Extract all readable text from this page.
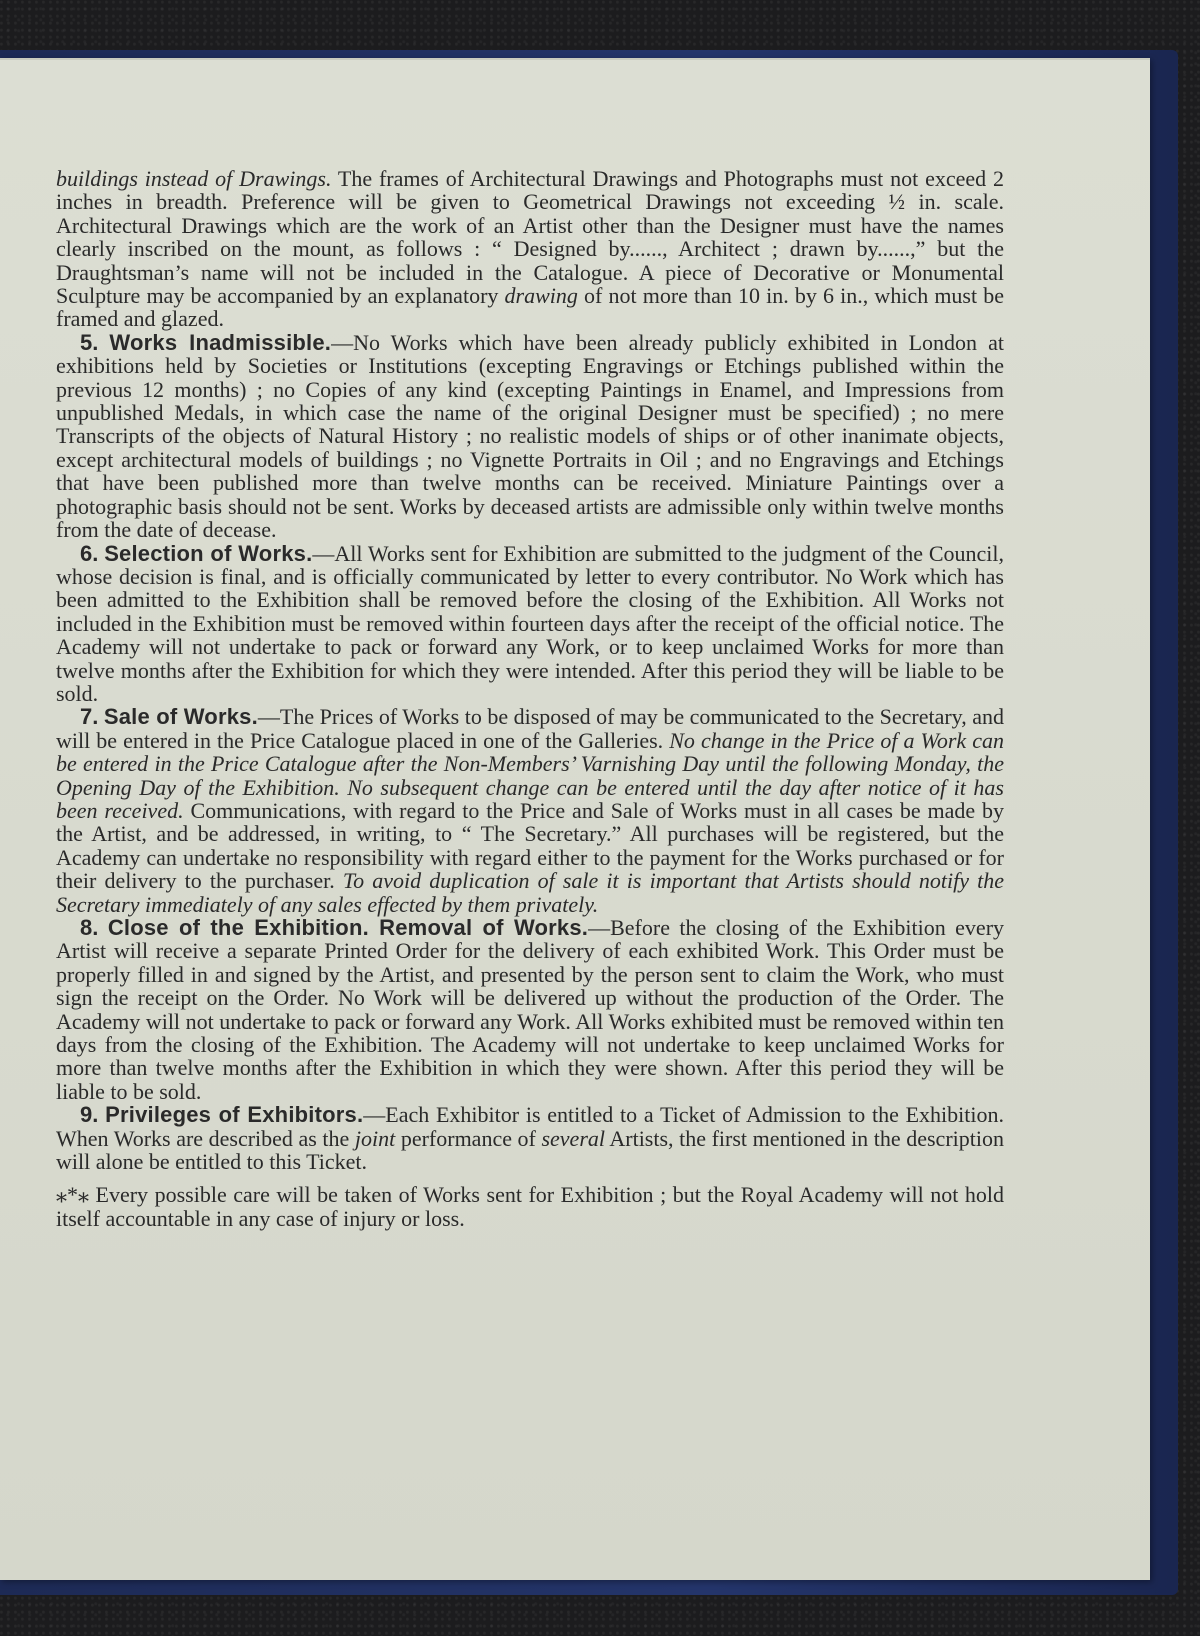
buildings instead of Drawings. The frames of Architectural Drawings and Photographs must not exceed 2 inches in breadth. Preference will be given to Geometrical Drawings not exceeding ½ in. scale. Architectural Drawings which are the work of an Artist other than the Designer must have the names clearly inscribed on the mount, as follows : “ Designed by......, Architect ; drawn by......,” but the Draughtsman’s name will not be included in the Catalogue. A piece of Decorative or Monumental Sculpture may be accompanied by an explanatory drawing of not more than 10 in. by 6 in., which must be framed and glazed.

5. Works Inadmissible.—No Works which have been already publicly exhibited in London at exhibitions held by Societies or Institutions (excepting Engravings or Etchings published within the previous 12 months) ; no Copies of any kind (excepting Paintings in Enamel, and Impressions from unpublished Medals, in which case the name of the original Designer must be specified) ; no mere Transcripts of the objects of Natural History ; no realistic models of ships or of other inanimate objects, except architectural models of buildings ; no Vignette Portraits in Oil ; and no Engravings and Etchings that have been published more than twelve months can be received. Miniature Paintings over a photographic basis should not be sent. Works by deceased artists are admissible only within twelve months from the date of decease.

6. Selection of Works.—All Works sent for Exhibition are submitted to the judgment of the Council, whose decision is final, and is officially communicated by letter to every contributor. No Work which has been admitted to the Exhibition shall be removed before the closing of the Exhibition. All Works not included in the Exhibition must be removed within fourteen days after the receipt of the official notice. The Academy will not undertake to pack or forward any Work, or to keep unclaimed Works for more than twelve months after the Exhibition for which they were intended. After this period they will be liable to be sold.

7. Sale of Works.—The Prices of Works to be disposed of may be communicated to the Secretary, and will be entered in the Price Catalogue placed in one of the Galleries. No change in the Price of a Work can be entered in the Price Catalogue after the Non-Members’ Varnishing Day until the following Monday, the Opening Day of the Exhibition. No subsequent change can be entered until the day after notice of it has been received. Communications, with regard to the Price and Sale of Works must in all cases be made by the Artist, and be addressed, in writing, to “ The Secretary.” All purchases will be registered, but the Academy can undertake no responsibility with regard either to the payment for the Works purchased or for their delivery to the purchaser. To avoid duplication of sale it is important that Artists should notify the Secretary immediately of any sales effected by them privately.

8. Close of the Exhibition. Removal of Works.—Before the closing of the Exhibition every Artist will receive a separate Printed Order for the delivery of each exhibited Work. This Order must be properly filled in and signed by the Artist, and presented by the person sent to claim the Work, who must sign the receipt on the Order. No Work will be delivered up without the production of the Order. The Academy will not undertake to pack or forward any Work. All Works exhibited must be removed within ten days from the closing of the Exhibition. The Academy will not undertake to keep unclaimed Works for more than twelve months after the Exhibition in which they were shown. After this period they will be liable to be sold.

9. Privileges of Exhibitors.—Each Exhibitor is entitled to a Ticket of Admission to the Exhibition. When Works are described as the joint performance of several Artists, the first mentioned in the description will alone be entitled to this Ticket.

⁎*⁎ Every possible care will be taken of Works sent for Exhibition ; but the Royal Academy will not hold itself accountable in any case of injury or loss.
